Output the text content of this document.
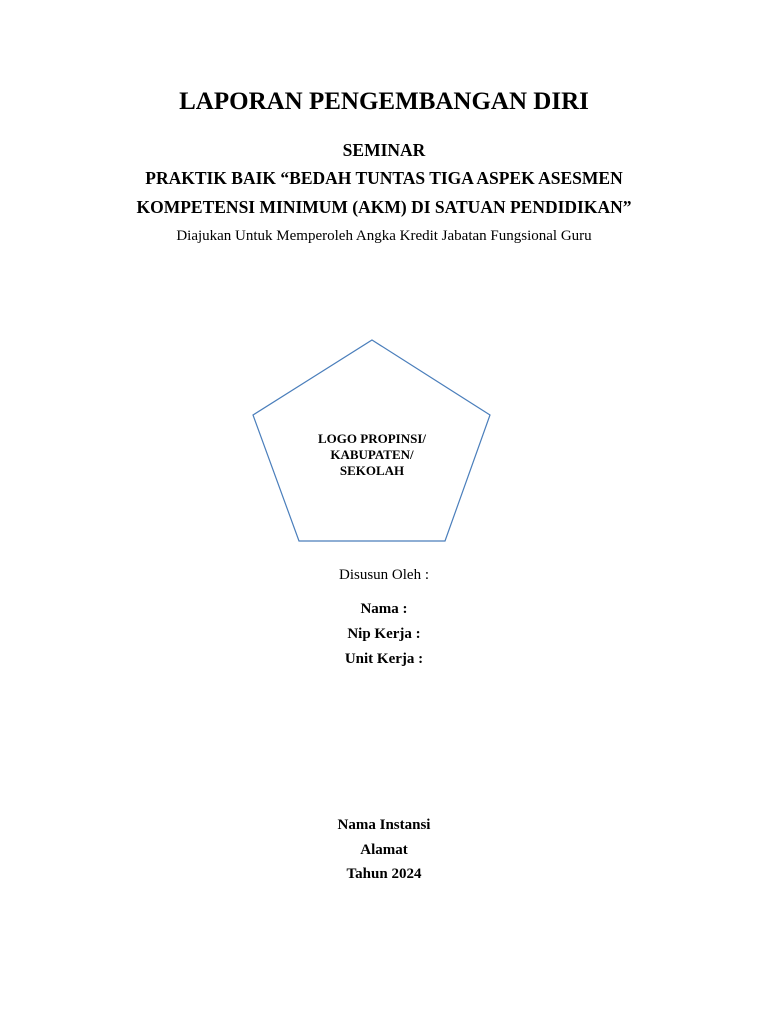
LAPORAN PENGEMBANGAN DIRI
SEMINAR
PRAKTIK BAIK “BEDAH TUNTAS TIGA ASPEK ASESMEN
KOMPETENSI MINIMUM (AKM) DI SATUAN PENDIDIKAN”
Diajukan Untuk Memperoleh Angka Kredit Jabatan Fungsional Guru
LOGO PROPINSI/
KABUPATEN/
SEKOLAH
Disusun Oleh :
Nama :
Nip Kerja :
Unit Kerja :
Nama Instansi
Alamat
Tahun 2024
